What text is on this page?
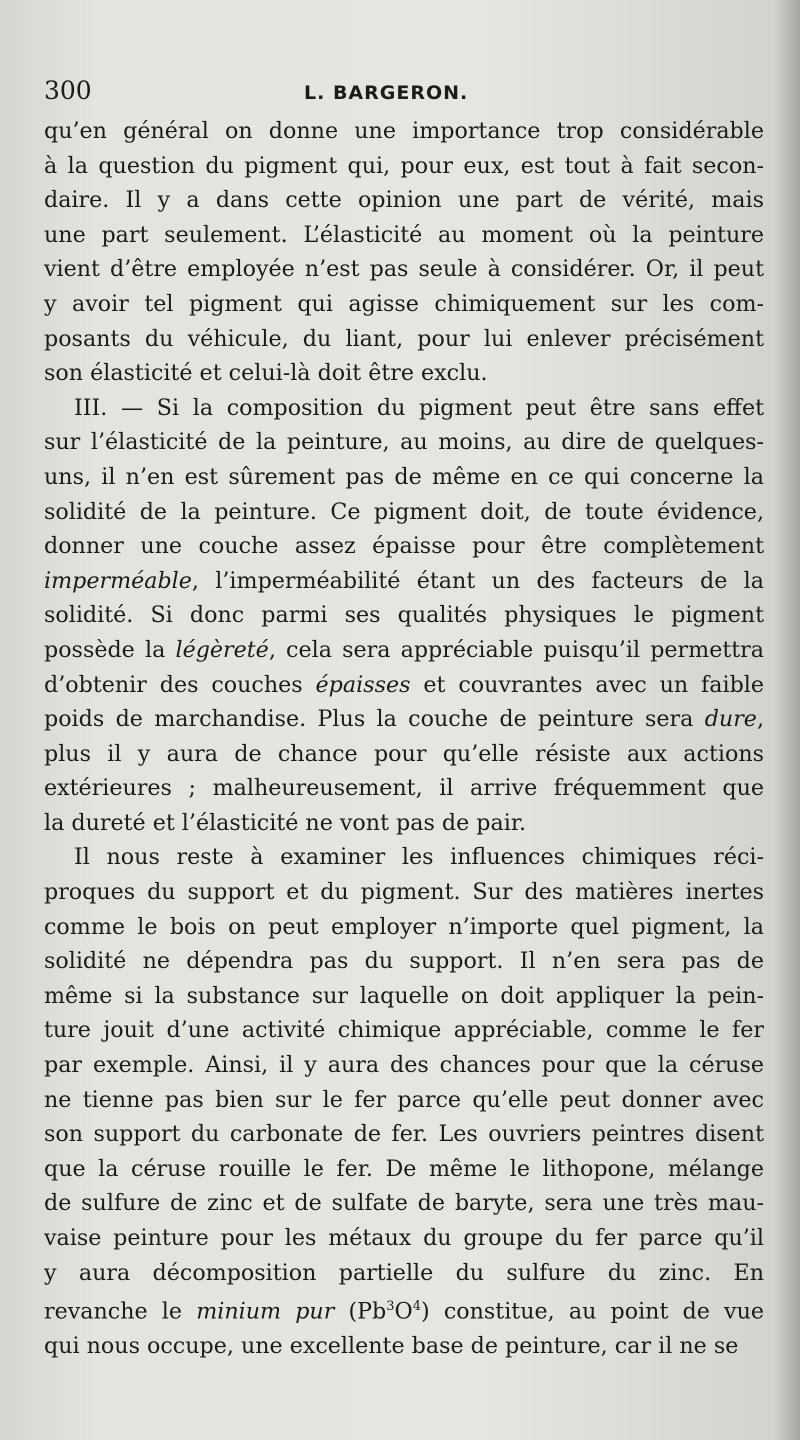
300	L. BARGERON.

qu’en général on donne une importance trop considérable
à la question du pigment qui, pour eux, est tout à fait secon-
daire. Il y a dans cette opinion une part de vérité, mais
une part seulement. L’élasticité au moment où la peinture
vient d’être employée n’est pas seule à considérer. Or, il peut
y avoir tel pigment qui agisse chimiquement sur les com-
posants du véhicule, du liant, pour lui enlever précisément
son élasticité et celui-là doit être exclu.

III. — Si la composition du pigment peut être sans effet
sur l’élasticité de la peinture, au moins, au dire de quelques-
uns, il n’en est sûrement pas de même en ce qui concerne la
solidité de la peinture. Ce pigment doit, de toute évidence,
donner une couche assez épaisse pour être complètement
imperméable, l’imperméabilité étant un des facteurs de la
solidité. Si donc parmi ses qualités physiques le pigment
possède la légèreté, cela sera appréciable puisqu’il permettra
d’obtenir des couches épaisses et couvrantes avec un faible
poids de marchandise. Plus la couche de peinture sera dure,
plus il y aura de chance pour qu’elle résiste aux actions
extérieures ; malheureusement, il arrive fréquemment que
la dureté et l’élasticité ne vont pas de pair.

Il nous reste à examiner les influences chimiques réci-
proques du support et du pigment. Sur des matières inertes
comme le bois on peut employer n’importe quel pigment, la
solidité ne dépendra pas du support. Il n’en sera pas de
même si la substance sur laquelle on doit appliquer la pein-
ture jouit d’une activité chimique appréciable, comme le fer
par exemple. Ainsi, il y aura des chances pour que la céruse
ne tienne pas bien sur le fer parce qu’elle peut donner avec
son support du carbonate de fer. Les ouvriers peintres disent
que la céruse rouille le fer. De même le lithopone, mélange
de sulfure de zinc et de sulfate de baryte, sera une très mau-
vaise peinture pour les métaux du groupe du fer parce qu’il
y aura décomposition partielle du sulfure du zinc. En
revanche le minium pur $(Pb^3O^4)$ constitue, au point de vue
qui nous occupe, une excellente base de peinture, car il ne se
